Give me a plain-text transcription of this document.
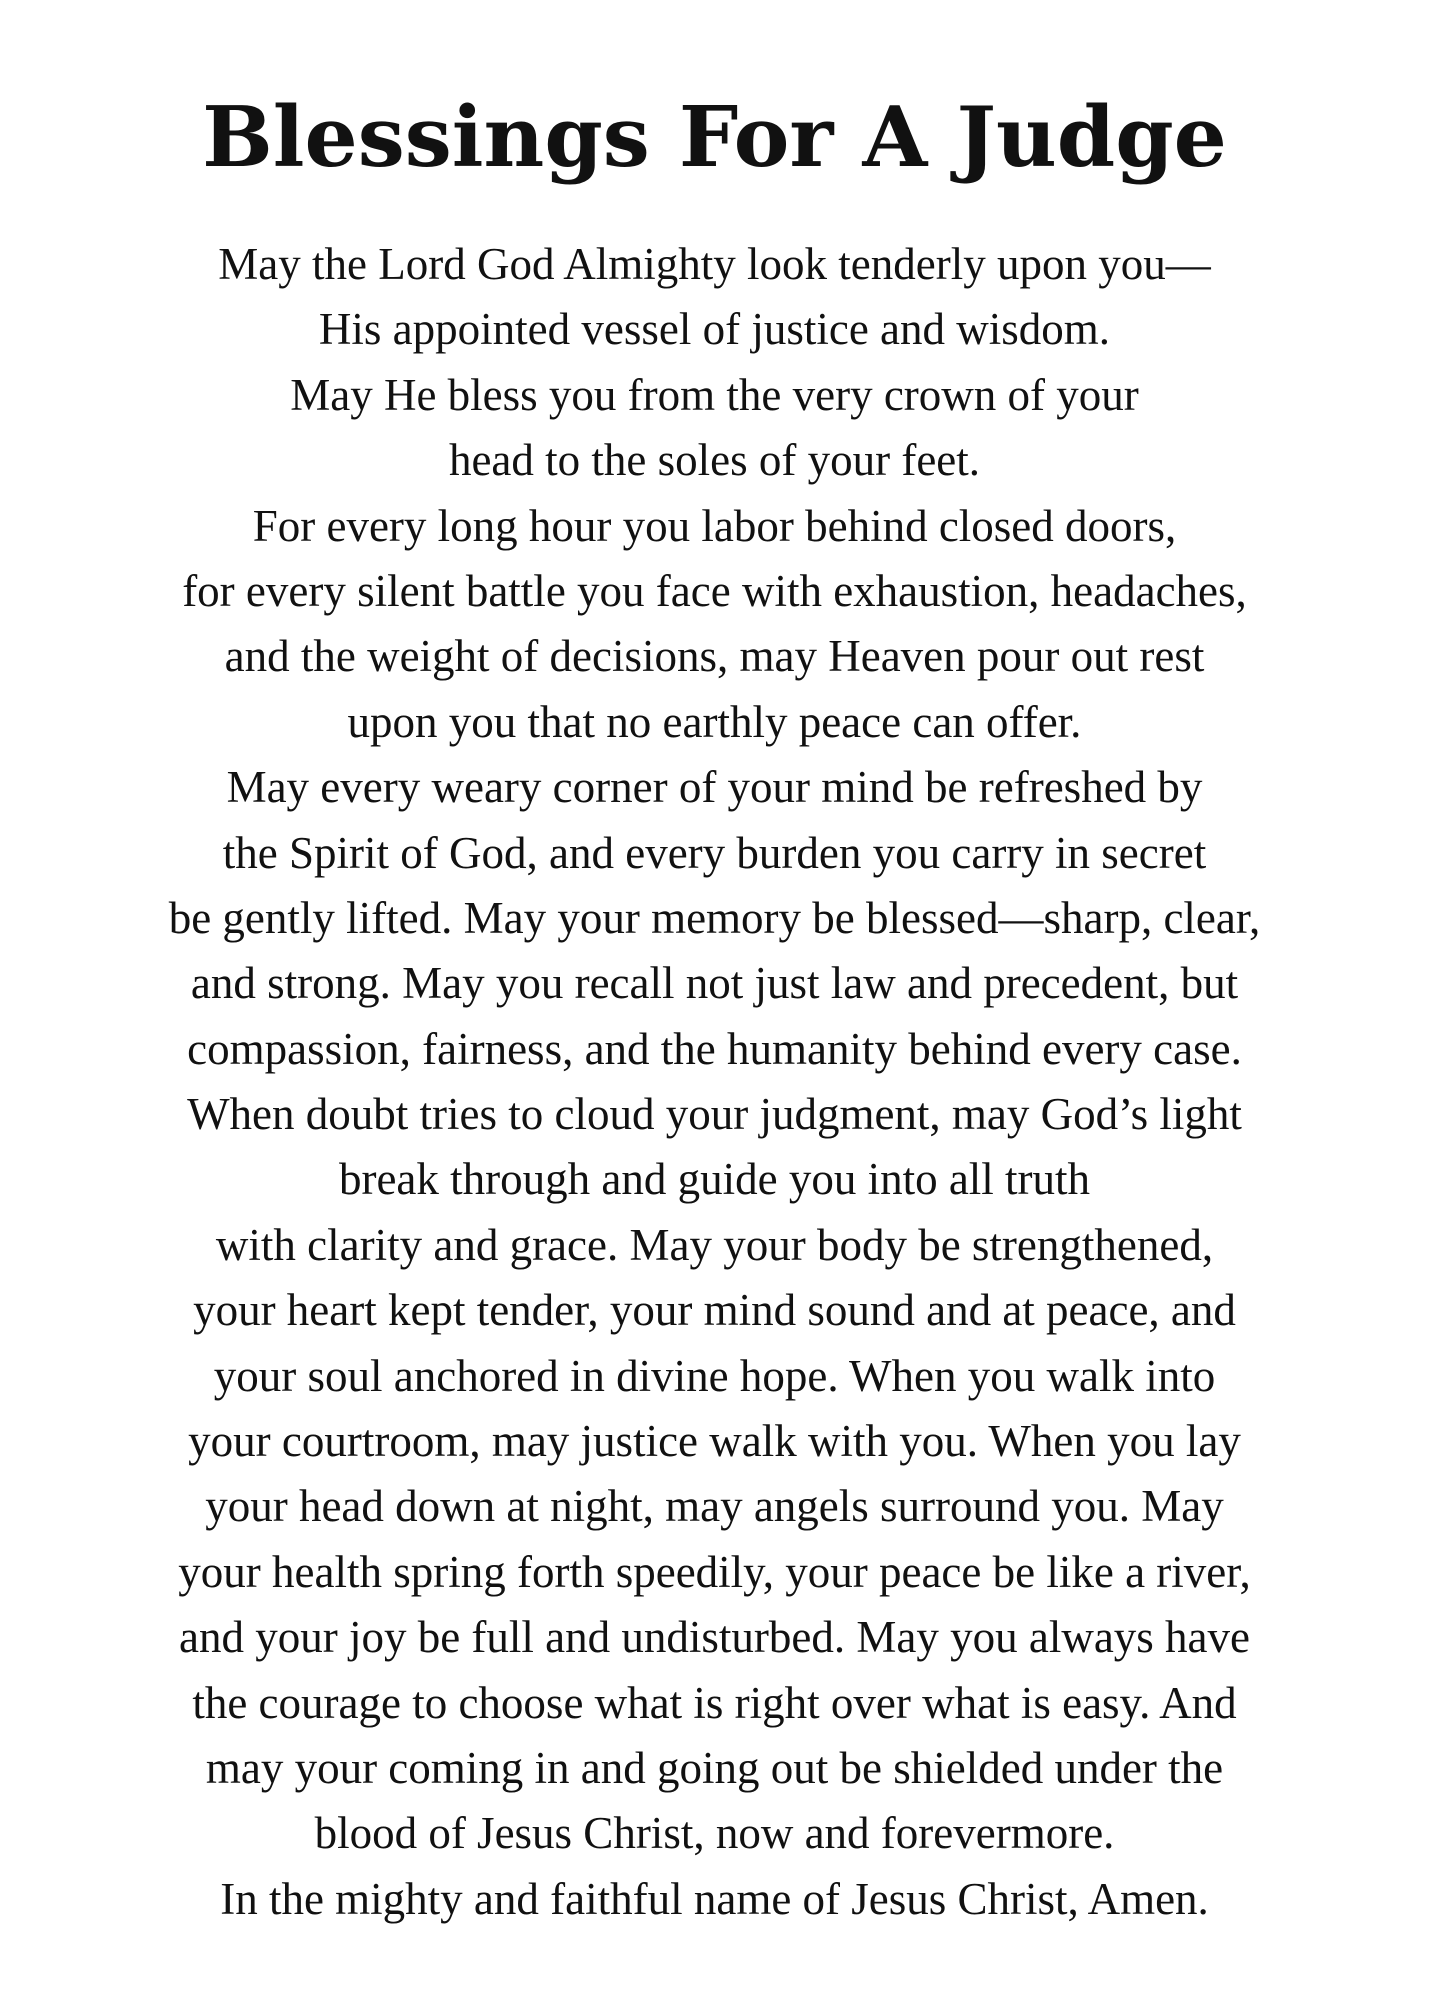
Blessings For A Judge
May the Lord God Almighty look tenderly upon you—
His appointed vessel of justice and wisdom.
May He bless you from the very crown of your
head to the soles of your feet.
For every long hour you labor behind closed doors,
for every silent battle you face with exhaustion, headaches,
and the weight of decisions, may Heaven pour out rest
upon you that no earthly peace can offer.
May every weary corner of your mind be refreshed by
the Spirit of God, and every burden you carry in secret
be gently lifted. May your memory be blessed—sharp, clear,
and strong. May you recall not just law and precedent, but
compassion, fairness, and the humanity behind every case.
When doubt tries to cloud your judgment, may God’s light
break through and guide you into all truth
with clarity and grace. May your body be strengthened,
your heart kept tender, your mind sound and at peace, and
your soul anchored in divine hope. When you walk into
your courtroom, may justice walk with you. When you lay
your head down at night, may angels surround you. May
your health spring forth speedily, your peace be like a river,
and your joy be full and undisturbed. May you always have
the courage to choose what is right over what is easy. And
may your coming in and going out be shielded under the
blood of Jesus Christ, now and forevermore.
In the mighty and faithful name of Jesus Christ, Amen.
